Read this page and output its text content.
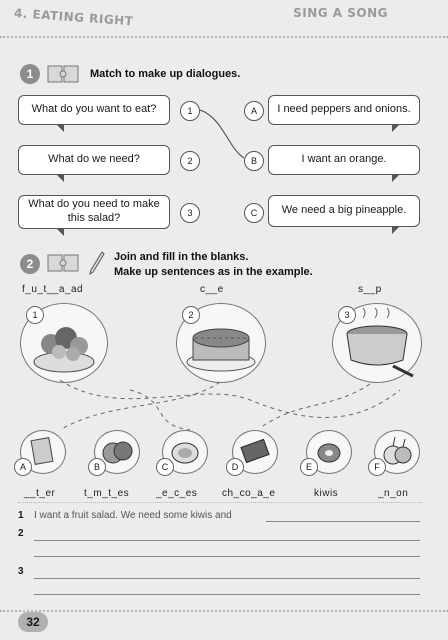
4. EATING RIGHT	SING A SONG
1	Match to make up dialogues.
What do you want to eat?
What do we need?
What do you need to make this salad?
1
2
3
A
B
C
I need peppers and onions.
I want an orange.
We need a big pineapple.
2	Join and fill in the blanks.
Make up sentences as in the example.
f_u_t__a_ad	c__e	s__p
1	2	3
A	B	C	D	E	F
__t_er	t_m_t_es	_e_c_es ch_co_a_e	kiwis	_n_on
1 I want a fruit salad. We need some kiwis and
2
3
32
